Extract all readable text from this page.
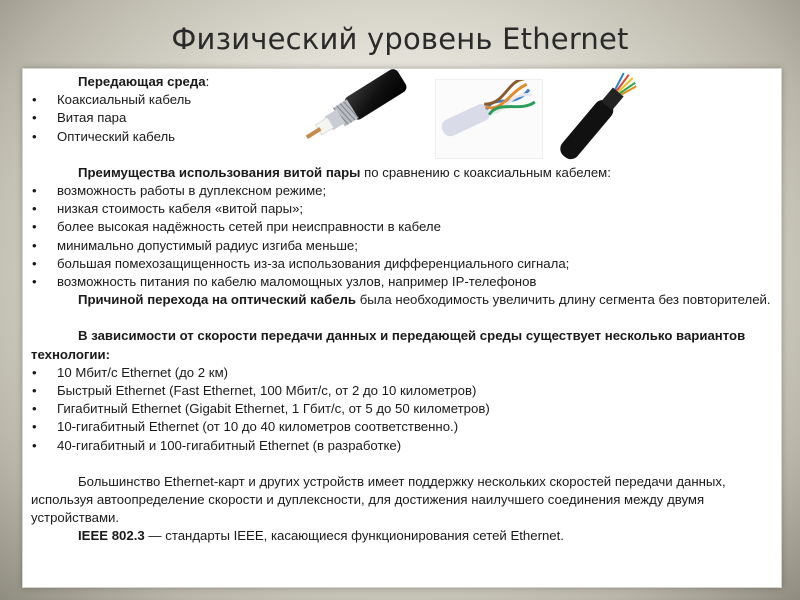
Физический уровень Ethernet
Передающая среда:
• Коаксиальный кабель
• Витая пара
• Оптический кабель
Преимущества использования витой пары по сравнению с коаксиальным кабелем:
• возможность работы в дуплексном режиме;
• низкая стоимость кабеля «витой пары»;
• более высокая надёжность сетей при неисправности в кабеле
• минимально допустимый радиус изгиба меньше;
• большая помехозащищенность из-за использования дифференциального сигнала;
• возможность питания по кабелю маломощных узлов, например IP-телефонов
Причиной перехода на оптический кабель была необходимость увеличить длину сегмента без повторителей.
В зависимости от скорости передачи данных и передающей среды существует несколько вариантов технологии:
• 10 Мбит/с Ethernet (до 2 км)
• Быстрый Ethernet (Fast Ethernet, 100 Мбит/с, от 2 до 10 километров)
• Гигабитный Ethernet (Gigabit Ethernet, 1 Гбит/с, от 5 до 50 километров)
• 10-гигабитный Ethernet (от 10 до 40 километров соответственно.)
• 40-гигабитный и 100-гигабитный Ethernet (в разработке)
Большинство Ethernet-карт и других устройств имеет поддержку нескольких скоростей передачи данных, используя автоопределение скорости и дуплексности, для достижения наилучшего соединения между двумя устройствами.
IEEE 802.3 — стандарты IEEE, касающиеся функционирования сетей Ethernet.
